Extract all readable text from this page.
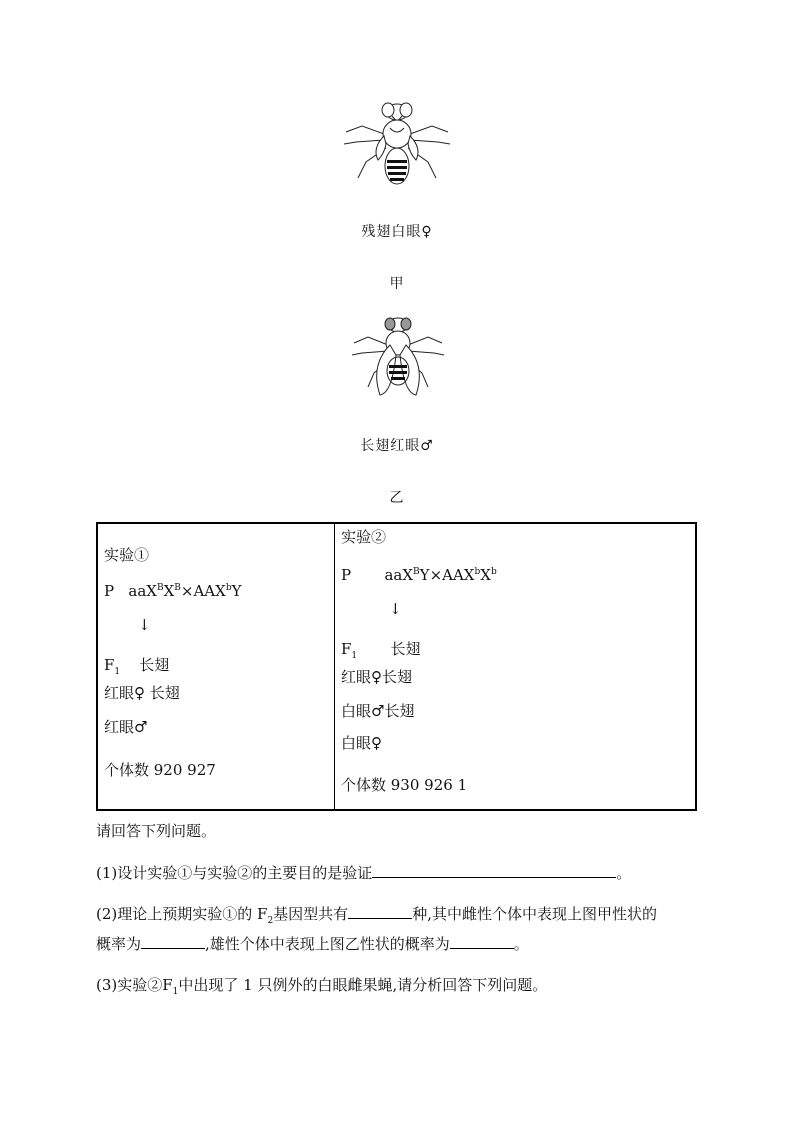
残翅白眼♀
甲
长翅红眼♂
乙
实验①
P   $aaX^BX^B\times AAX^bY$
↓
$F_1$ 长翅
红眼♀ 长翅
红眼♂
个体数 920 927

实验②
P       $aaX^BY\times AAX^bX^b$
↓
$F_1$ 长翅
红眼♀长翅
白眼♂长翅
白眼♀
个体数 930 926 1
请回答下列问题。
(1)设计实验①与实验②的主要目的是验证	。
(2)理论上预期实验①的 $F_2$基因型共有	种,其中雌性个体中表现上图甲性状的
概率为	,雄性个体中表现上图乙性状的概率为	。
(3)实验$②F_1$中出现了 1 只例外的白眼雌果蝇,请分析回答下列问题。
